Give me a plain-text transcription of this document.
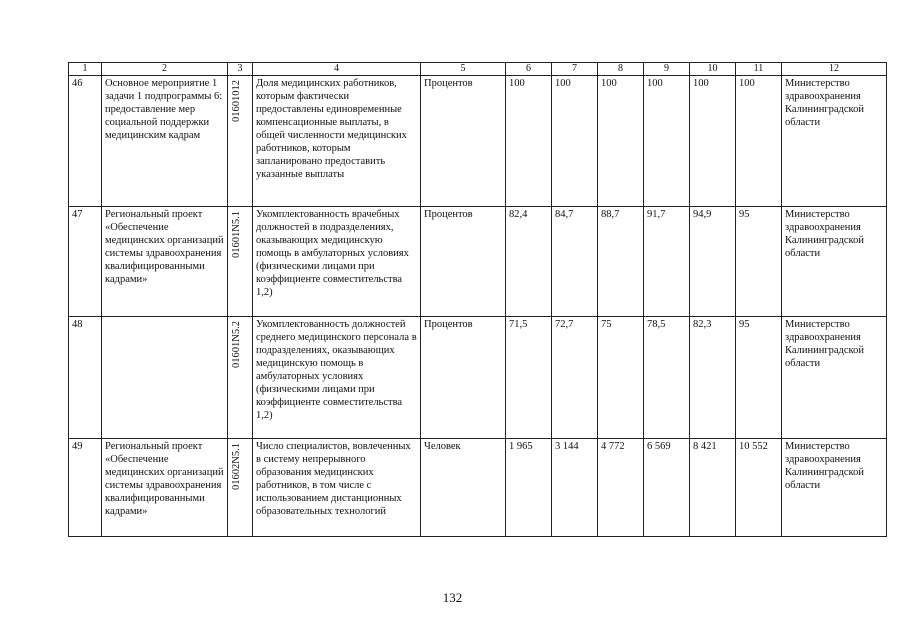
1	2	3	4	5	6	7	8	9	10	11	12
46	Основное мероприятие 1 задачи 1 подпрограммы 6: предоставление мер социальной поддержки медицинским кадрам	01601012	Доля медицинских работников, которым фактически предоставлены единовременные компенсационные выплаты, в общей численности медицинских работников, которым запланировано предоставить указанные выплаты	Процентов	100	100	100	100	100	100	Министерство здравоохранения Калининградской области
47	Региональный проект «Обеспечение медицинских организаций системы здравоохранения квалифицированными кадрами»	01601N5.1	Укомплектованность врачебных должностей в подразделениях, оказывающих медицинскую помощь в амбулаторных условиях (физическими лицами при коэффициенте совместительства 1,2)	Процентов	82,4	84,7	88,7	91,7	94,9	95	Министерство здравоохранения Калининградской области
48		01601N5.2	Укомплектованность должностей среднего медицинского персонала в подразделениях, оказывающих медицинскую помощь в амбулаторных условиях (физическими лицами при коэффициенте совместительства 1,2)	Процентов	71,5	72,7	75	78,5	82,3	95	Министерство здравоохранения Калининградской области
49	Региональный проект «Обеспечение медицинских организаций системы здравоохранения квалифицированными кадрами»	01602N5.1	Число специалистов, вовлеченных в систему непрерывного образования медицинских работников, в том числе с использованием дистанционных образовательных технологий	Человек	1 965	3 144	4 772	6 569	8 421	10 552	Министерство здравоохранения Калининградской области
132
